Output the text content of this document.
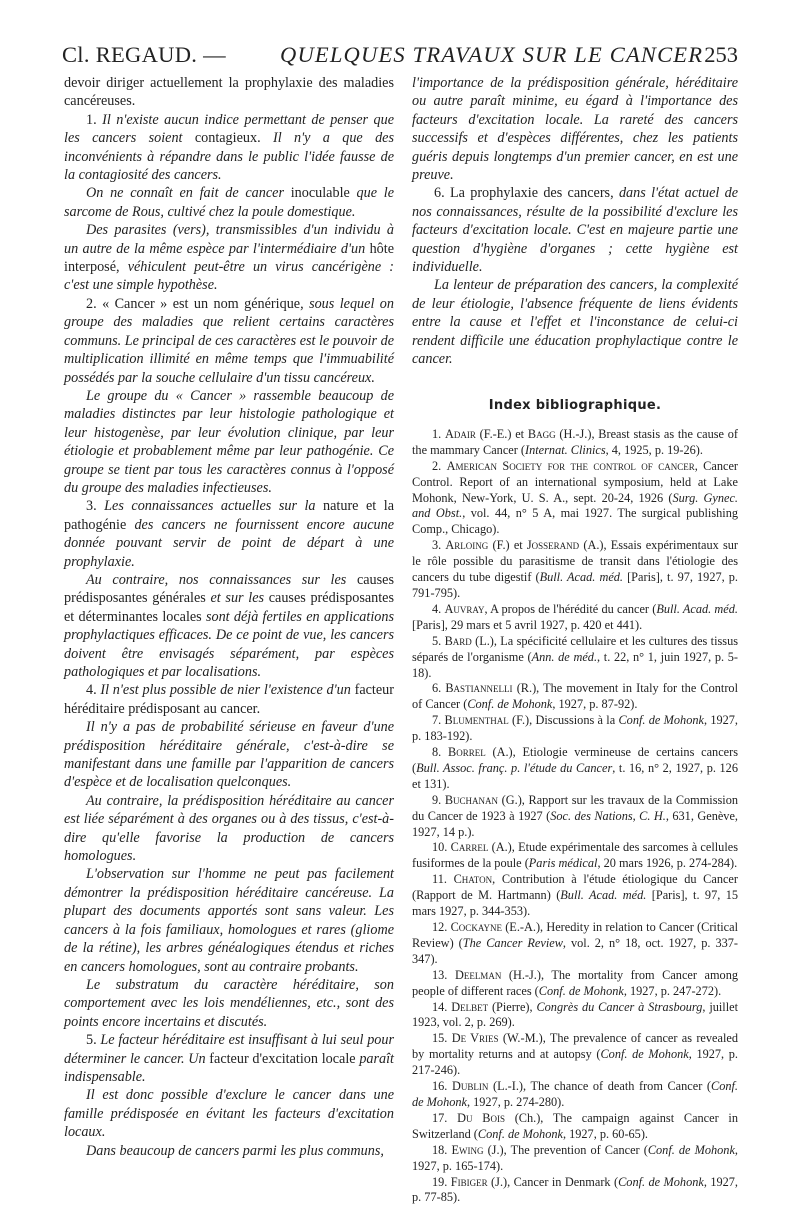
Cl. REGAUD. — QUELQUES TRAVAUX SUR LE CANCER 253

devoir diriger actuellement la prophylaxie des maladies cancéreuses.

1. Il n'existe aucun indice permettant de penser que les cancers soient contagieux. Il n'y a que des inconvénients à répandre dans le public l'idée fausse de la contagiosité des cancers.

On ne connaît en fait de cancer inoculable que le sarcome de Rous, cultivé chez la poule domestique.

Des parasites (vers), transmissibles d'un individu à un autre de la même espèce par l'intermédiaire d'un hôte interposé, véhiculent peut-être un virus cancérigène : c'est une simple hypothèse.

2. « Cancer » est un nom générique, sous lequel on groupe des maladies que relient certains caractères communs. Le principal de ces caractères est le pouvoir de multiplication illimité en même temps que l'immuabilité possédés par la souche cellulaire d'un tissu cancéreux.

Le groupe du « Cancer » rassemble beaucoup de maladies distinctes par leur histologie pathologique et leur histogenèse, par leur évolution clinique, par leur étiologie et probablement même par leur pathogénie. Ce groupe se tient par tous les caractères connus à l'opposé du groupe des maladies infectieuses.

3. Les connaissances actuelles sur la nature et la pathogénie des cancers ne fournissent encore aucune donnée pouvant servir de point de départ à une prophylaxie.

Au contraire, nos connaissances sur les causes prédisposantes générales et sur les causes prédisposantes et déterminantes locales sont déjà fertiles en applications prophylactiques efficaces. De ce point de vue, les cancers doivent être envisagés séparément, par espèces pathologiques et par localisations.

4. Il n'est plus possible de nier l'existence d'un facteur héréditaire prédisposant au cancer.

Il n'y a pas de probabilité sérieuse en faveur d'une prédisposition héréditaire générale, c'est-à-dire se manifestant dans une famille par l'apparition de cancers d'espèce et de localisation quelconques.

Au contraire, la prédisposition héréditaire au cancer est liée séparément à des organes ou à des tissus, c'est-à-dire qu'elle favorise la production de cancers homologues.

L'observation sur l'homme ne peut pas facilement démontrer la prédisposition héréditaire cancéreuse. La plupart des documents apportés sont sans valeur. Les cancers à la fois familiaux, homologues et rares (gliome de la rétine), les arbres généalogiques étendus et riches en cancers homologues, sont au contraire probants.

Le substratum du caractère héréditaire, son comportement avec les lois mendéliennes, etc., sont des points encore incertains et discutés.

5. Le facteur héréditaire est insuffisant à lui seul pour déterminer le cancer. Un facteur d'excitation locale paraît indispensable.

Il est donc possible d'exclure le cancer dans une famille prédisposée en évitant les facteurs d'excitation locaux.

Dans beaucoup de cancers parmi les plus communs,

l'importance de la prédisposition générale, héréditaire ou autre paraît minime, eu égard à l'importance des facteurs d'excitation locale. La rareté des cancers successifs et d'espèces différentes, chez les patients guéris depuis longtemps d'un premier cancer, en est une preuve.

6. La prophylaxie des cancers, dans l'état actuel de nos connaissances, résulte de la possibilité d'exclure les facteurs d'excitation locale. C'est en majeure partie une question d'hygiène d'organes ; cette hygiène est individuelle.

La lenteur de préparation des cancers, la complexité de leur étiologie, l'absence fréquente de liens évidents entre la cause et l'effet et l'inconstance de celui-ci rendent difficile une éducation prophylactique contre le cancer.

Index bibliographique.

1. Adair (F.-E.) et Bagg (H.-J.), Breast stasis as the cause of the mammary Cancer (Internat. Clinics, 4, 1925, p. 19-26).

2. American Society for the control of cancer, Cancer Control. Report of an international symposium, held at Lake Mohonk, New-York, U. S. A., sept. 20-24, 1926 (Surg. Gynec. and Obst., vol. 44, n° 5 A, mai 1927. The surgical publishing Comp., Chicago).

3. Arloing (F.) et Josserand (A.), Essais expérimentaux sur le rôle possible du parasitisme de transit dans l'étiologie des cancers du tube digestif (Bull. Acad. méd. [Paris], t. 97, 1927, p. 791-795).

4. Auvray, A propos de l'hérédité du cancer (Bull. Acad. méd. [Paris], 29 mars et 5 avril 1927, p. 420 et 441).

5. Bard (L.), La spécificité cellulaire et les cultures des tissus séparés de l'organisme (Ann. de méd., t. 22, n° 1, juin 1927, p. 5-18).

6. Bastiannelli (R.), The movement in Italy for the Control of Cancer (Conf. de Mohonk, 1927, p. 87-92).

7. Blumenthal (F.), Discussions à la Conf. de Mohonk, 1927, p. 183-192).

8. Borrel (A.), Etiologie vermineuse de certains cancers (Bull. Assoc. franç. p. l'étude du Cancer, t. 16, n° 2, 1927, p. 126 et 131).

9. Buchanan (G.), Rapport sur les travaux de la Commission du Cancer de 1923 à 1927 (Soc. des Nations, C. H., 631, Genève, 1927, 14 p.).

10. Carrel (A.), Etude expérimentale des sarcomes à cellules fusiformes de la poule (Paris médical, 20 mars 1926, p. 274-284).

11. Chaton, Contribution à l'étude étiologique du Cancer (Rapport de M. Hartmann) (Bull. Acad. méd. [Paris], t. 97, 15 mars 1927, p. 344-353).

12. Cockayne (E.-A.), Heredity in relation to Cancer (Critical Review) (The Cancer Review, vol. 2, n° 18, oct. 1927, p. 337-347).

13. Deelman (H.-J.), The mortality from Cancer among people of different races (Conf. de Mohonk, 1927, p. 247-272).

14. Delbet (Pierre), Congrès du Cancer à Strasbourg, juillet 1923, vol. 2, p. 269).

15. De Vries (W.-M.), The prevalence of cancer as revealed by mortality returns and at autopsy (Conf. de Mohonk, 1927, p. 217-246).

16. Dublin (L.-I.), The chance of death from Cancer (Conf. de Mohonk, 1927, p. 274-280).

17. Du Bois (Ch.), The campaign against Cancer in Switzerland (Conf. de Mohonk, 1927, p. 60-65).

18. Ewing (J.), The prevention of Cancer (Conf. de Mohonk, 1927, p. 165-174).

19. Fibiger (J.), Cancer in Denmark (Conf. de Mohonk, 1927, p. 77-85).
